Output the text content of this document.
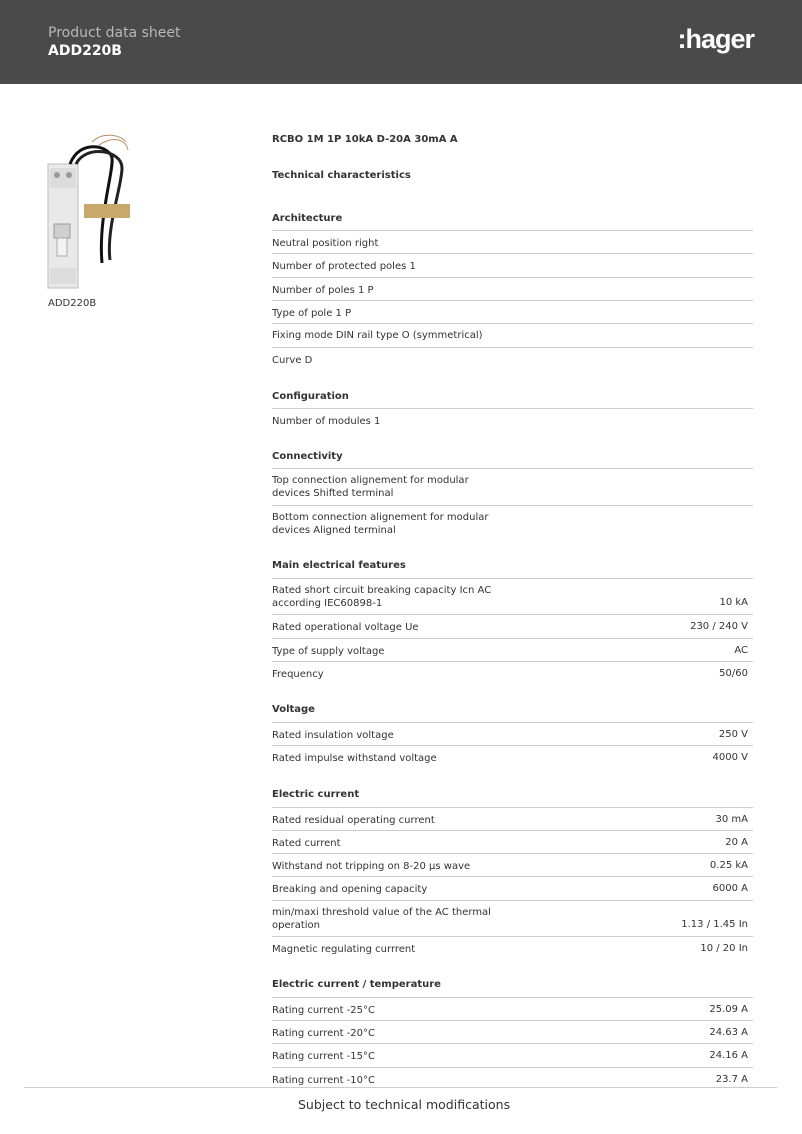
Product data sheet
ADD220B	:hager
ADD220B
RCBO 1M 1P 10kA D-20A 30mA A
Technical characteristics
Architecture
Neutral position right
Number of protected poles 1
Number of poles 1 P
Type of pole 1 P
Fixing mode DIN rail type O (symmetrical)
Curve D
Configuration
Number of modules 1
Connectivity
Top connection alignement for modular devices Shifted terminal
Bottom connection alignement for modular devices Aligned terminal
Main electrical features
Rated short circuit breaking capacity Icn AC according IEC60898-1	10 kA
Rated operational voltage Ue	230 / 240 V
Type of supply voltage	AC
Frequency	50/60
Voltage
Rated insulation voltage	250 V
Rated impulse withstand voltage	4000 V
Electric current
Rated residual operating current	30 mA
Rated current	20 A
Withstand not tripping on 8-20 µs wave	0.25 kA
Breaking and opening capacity	6000 A
min/maxi threshold value of the AC thermal operation	1.13 / 1.45 In
Magnetic regulating currrent	10 / 20 In
Electric current / temperature
Rating current -25°C	25.09 A
Rating current -20°C	24.63 A
Rating current -15°C	24.16 A
Rating current -10°C	23.7 A
Subject to technical modifications
